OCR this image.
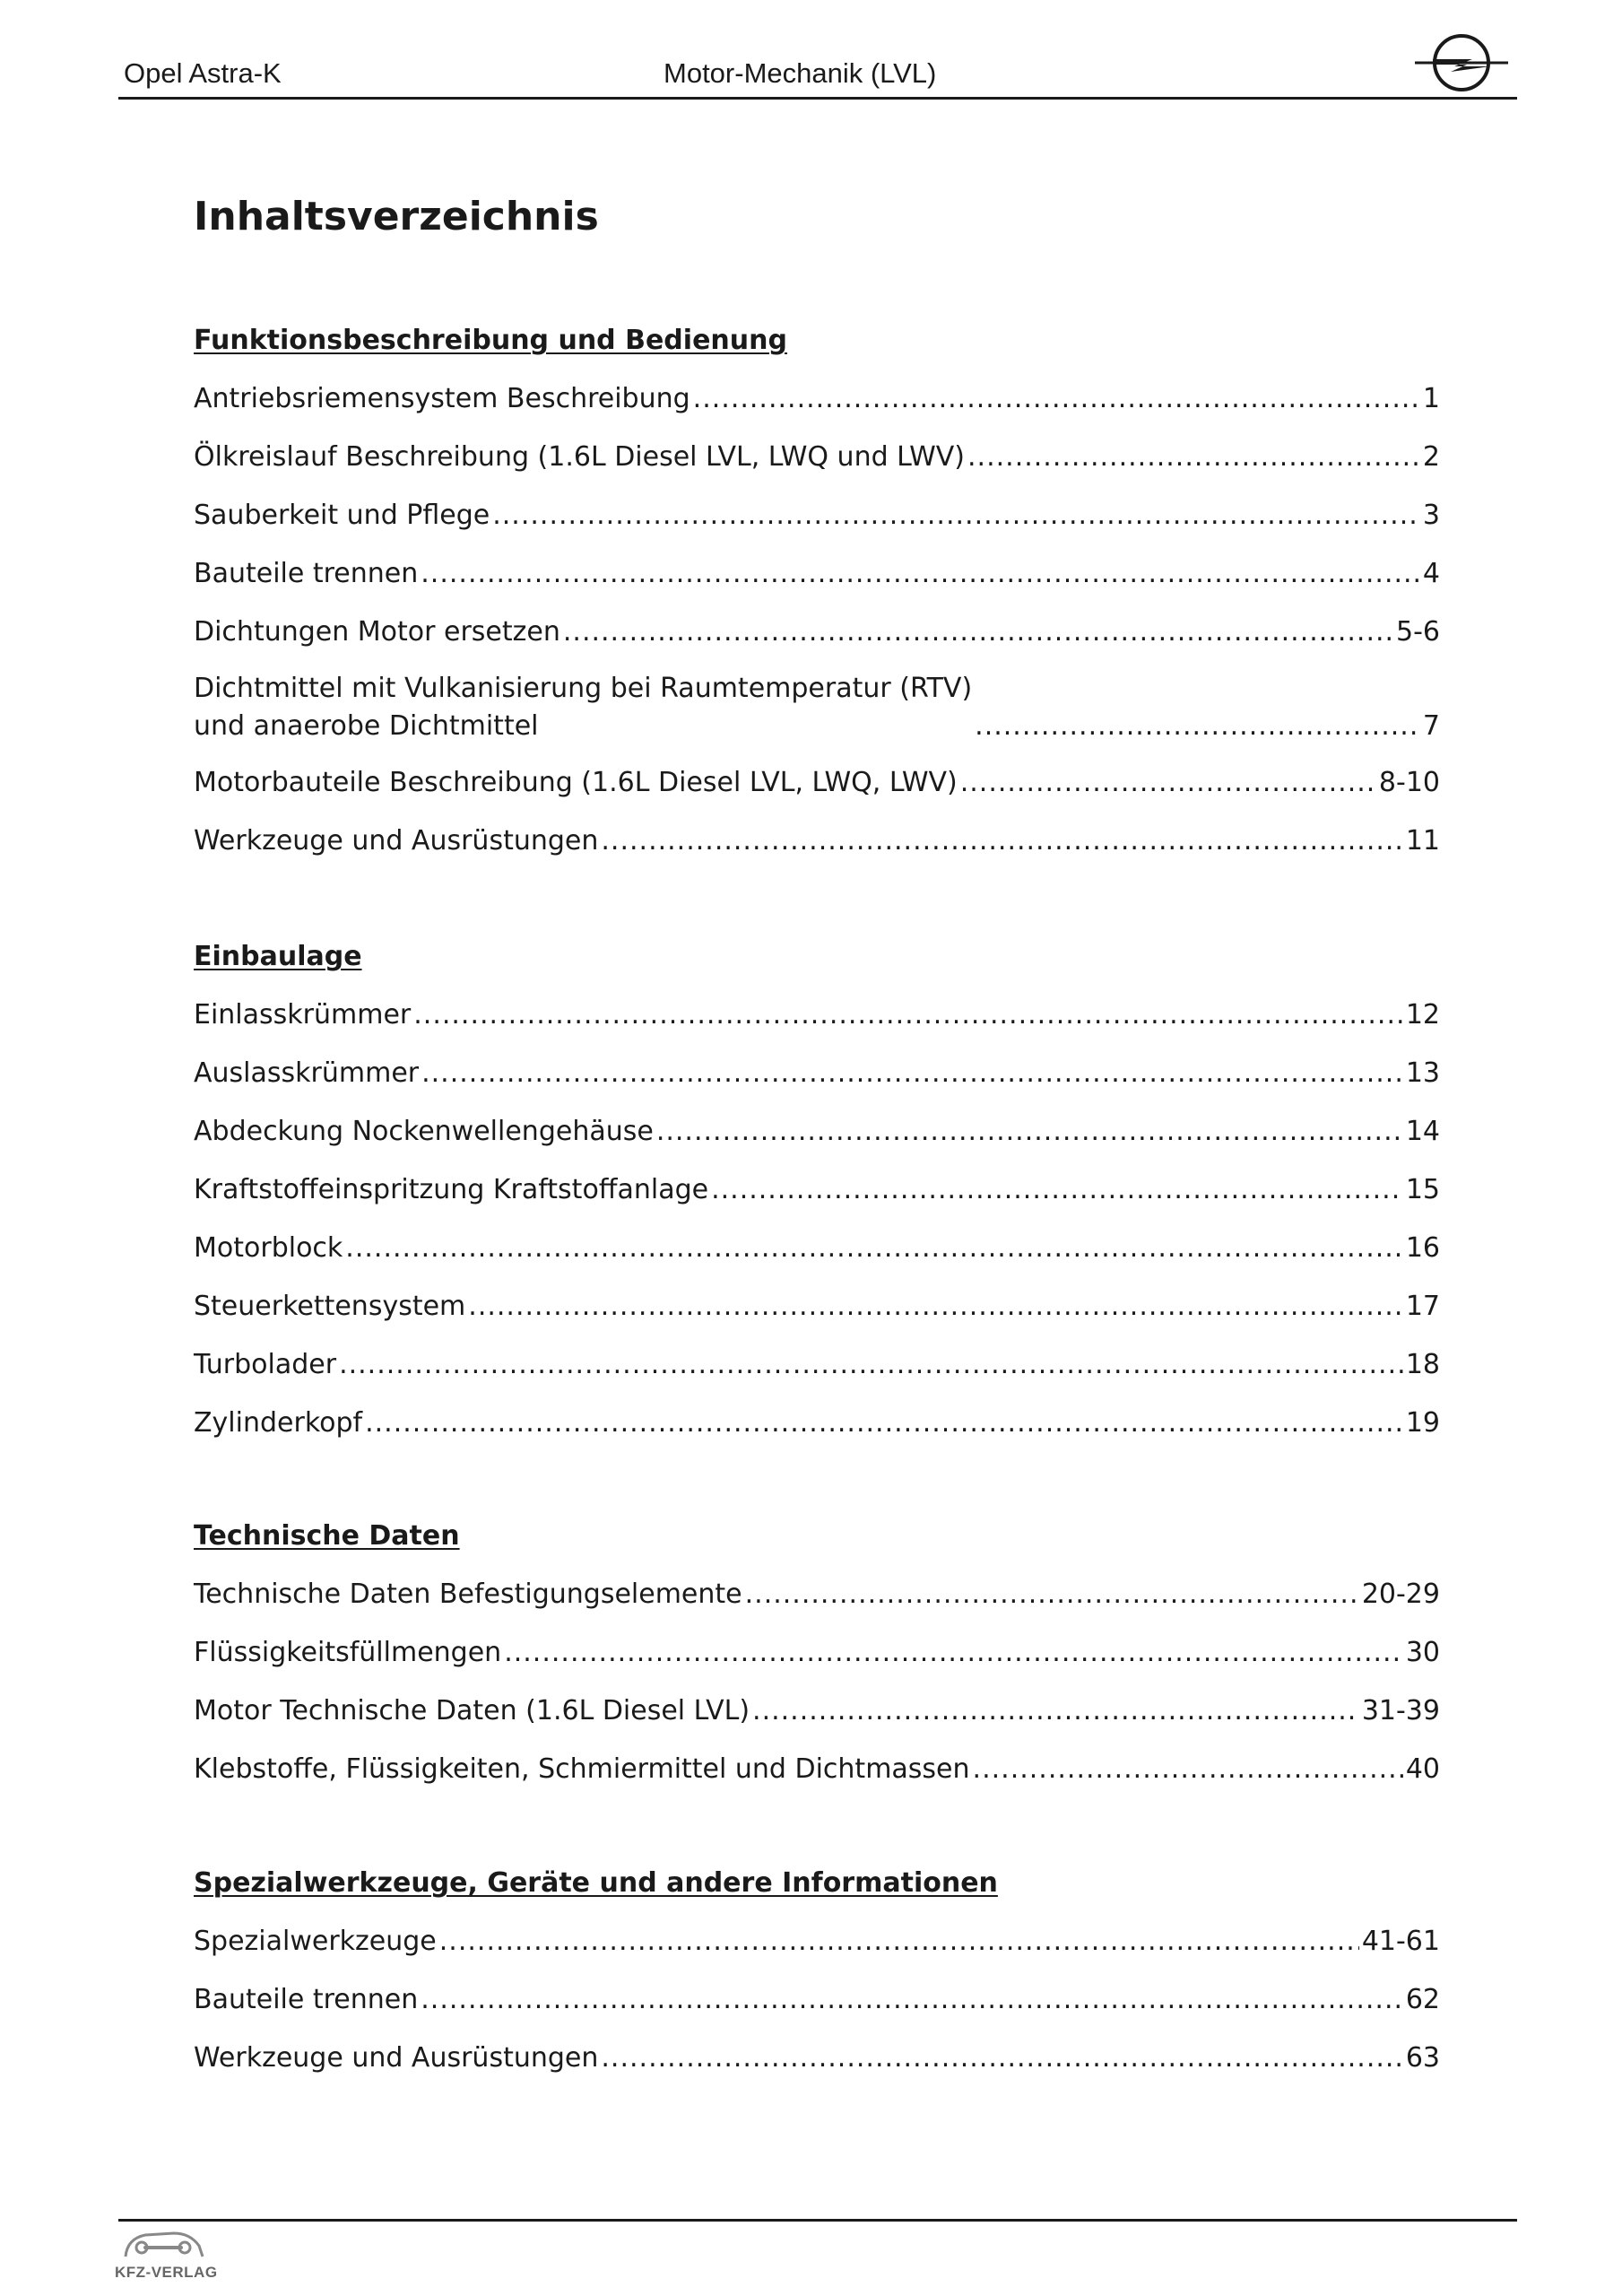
Opel Astra-K	Motor-Mechanik (LVL)
Inhaltsverzeichnis
Funktionsbeschreibung und Bedienung
Antriebsriemensystem Beschreibung .....	1
Ölkreislauf Beschreibung (1.6L Diesel LVL, LWQ und LWV) .....	2
Sauberkeit und Pflege .....	3
Bauteile trennen .....	4
Dichtungen Motor ersetzen .....	5-6
Dichtmittel mit Vulkanisierung bei Raumtemperatur (RTV)
und anaerobe Dichtmittel .....	7
Motorbauteile Beschreibung (1.6L Diesel LVL, LWQ, LWV) .....	8-10
Werkzeuge und Ausrüstungen .....	11
Einbaulage
Einlasskrümmer .....	12
Auslasskrümmer .....	13
Abdeckung Nockenwellengehäuse .....	14
Kraftstoffeinspritzung Kraftstoffanlage .....	15
Motorblock .....	16
Steuerkettensystem .....	17
Turbolader .....	18
Zylinderkopf .....	19
Technische Daten
Technische Daten Befestigungselemente .....	20-29
Flüssigkeitsfüllmengen .....	30
Motor Technische Daten (1.6L Diesel LVL) .....	31-39
Klebstoffe, Flüssigkeiten, Schmiermittel und Dichtmassen .....	40
Spezialwerkzeuge, Geräte und andere Informationen
Spezialwerkzeuge .....	41-61
Bauteile trennen .....	62
Werkzeuge und Ausrüstungen .....	63
KFZ-VERLAG
